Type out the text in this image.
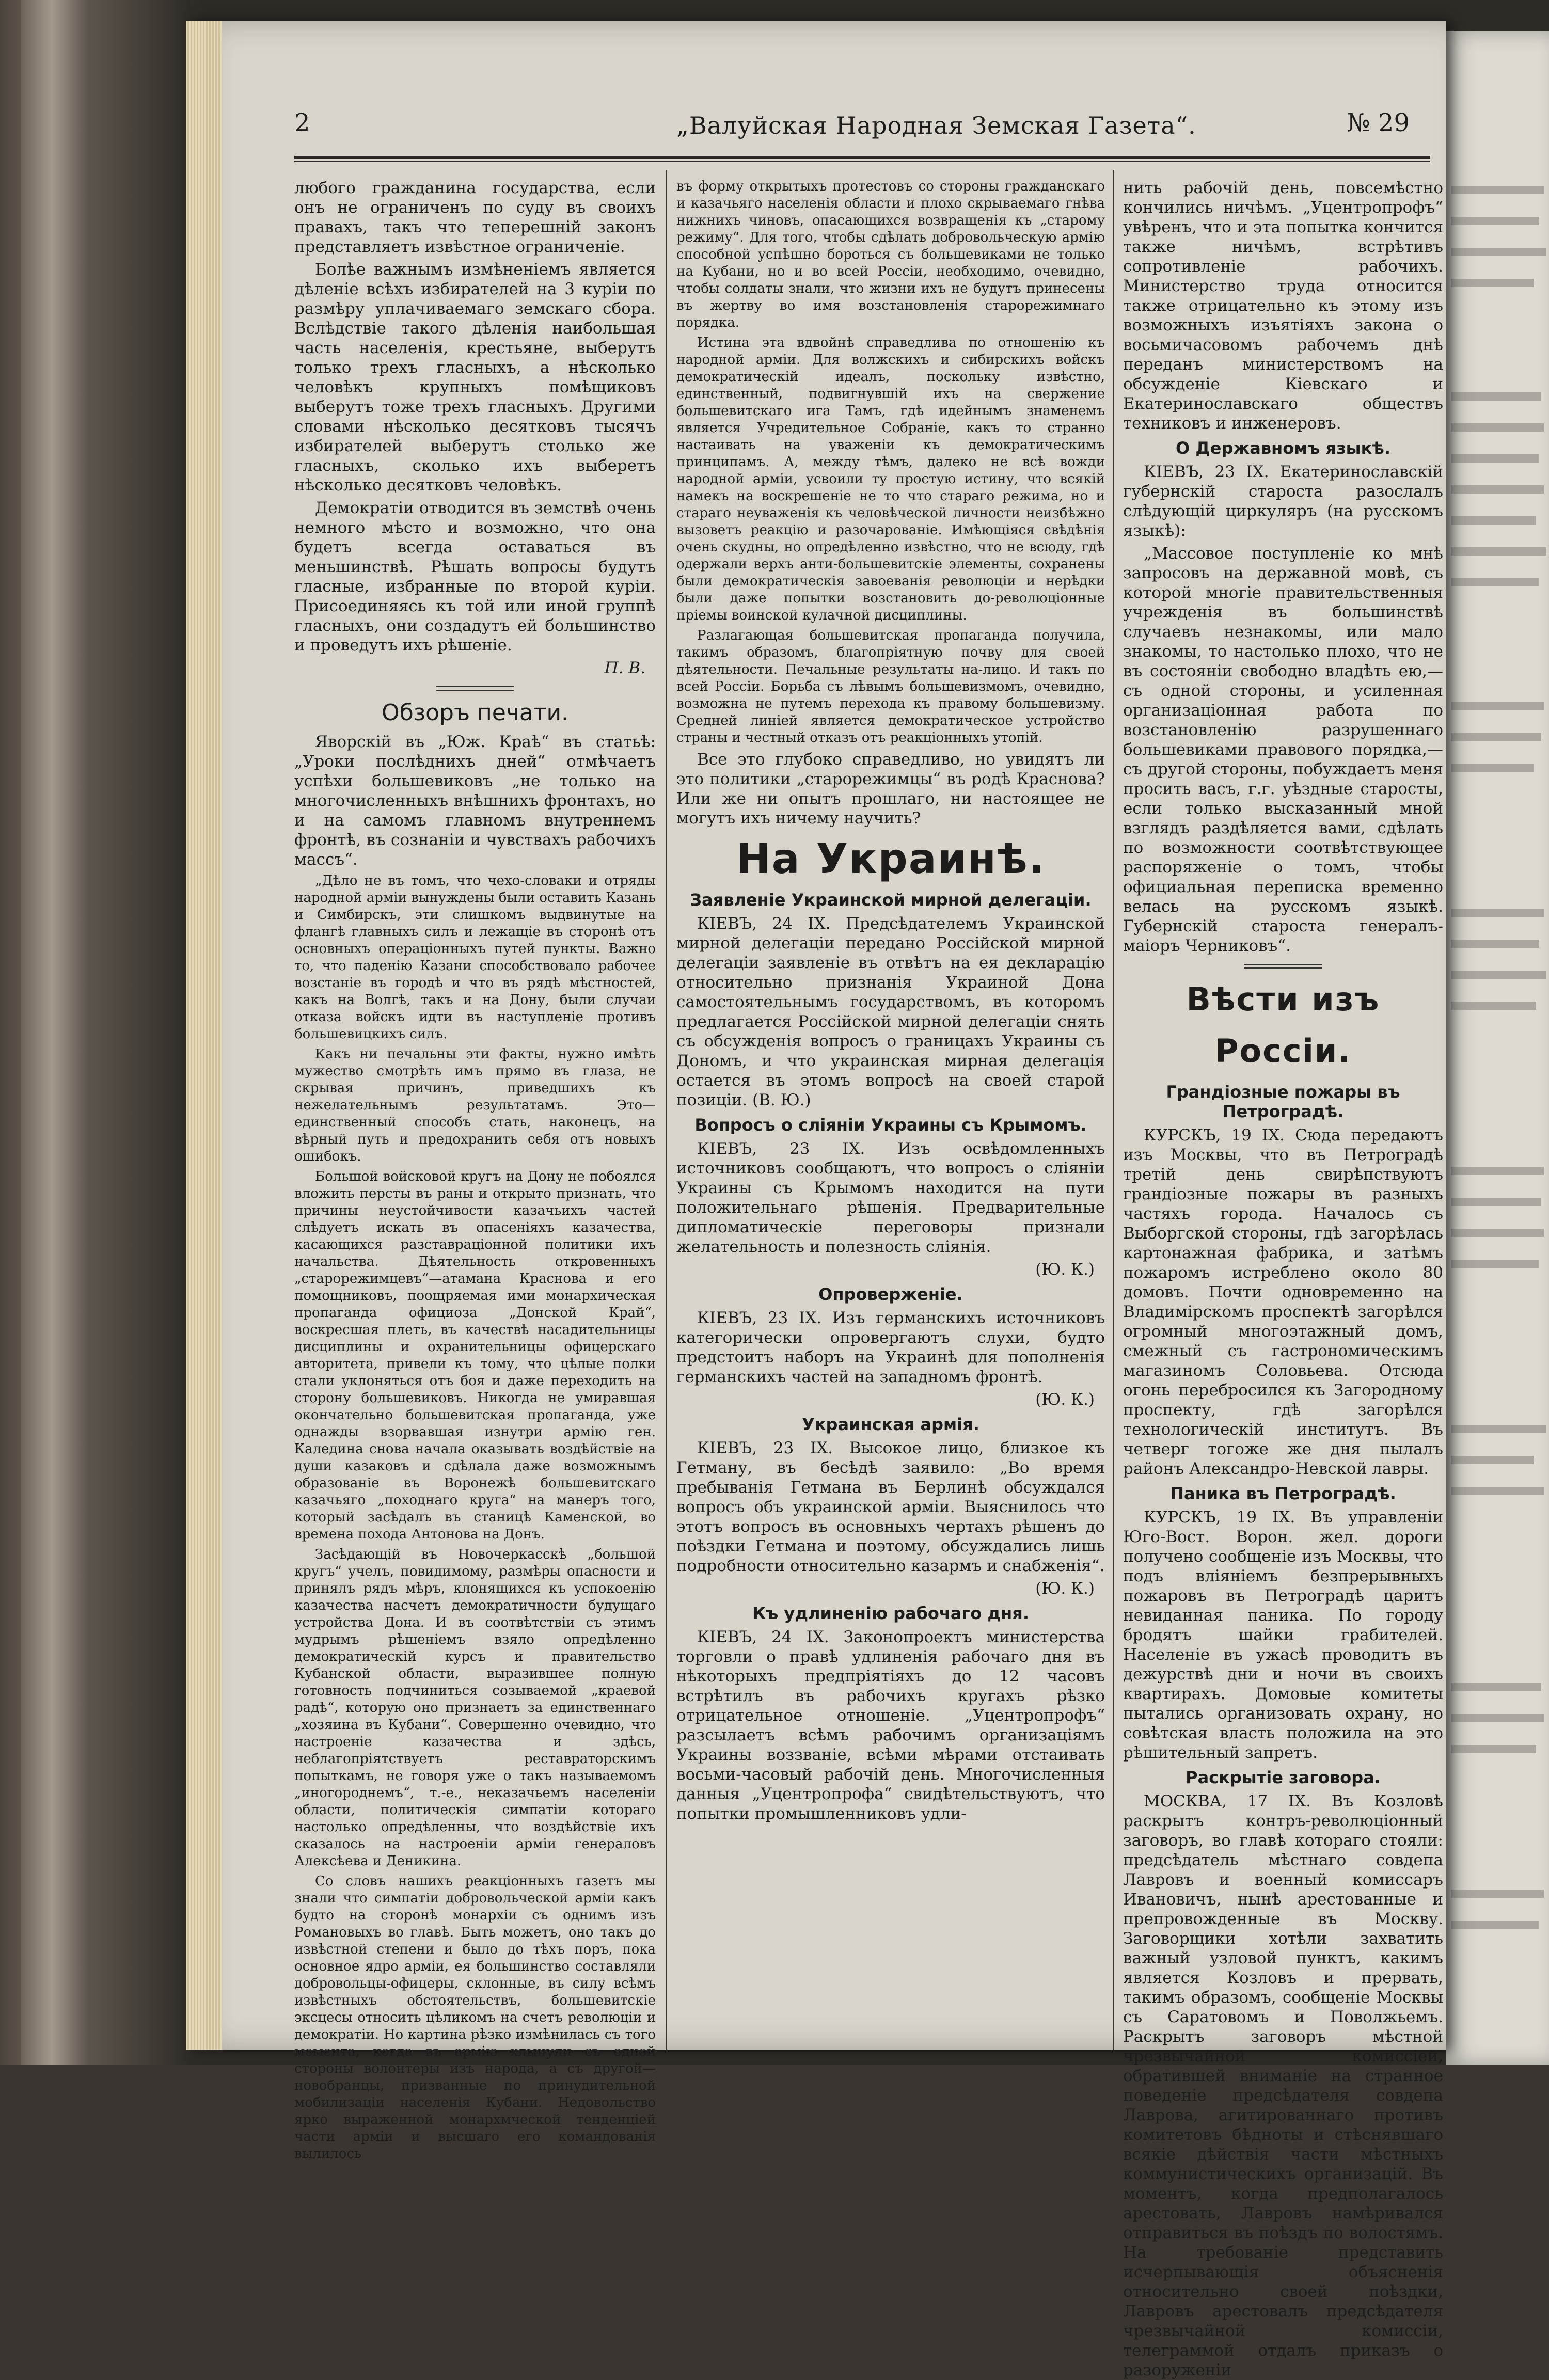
2	„Валуйская Народная Земская Газета“.	№ 29

любого гражданина государства, если онъ не ограниченъ по суду въ своихъ правахъ, такъ что теперешній законъ представляетъ извѣстное ограниченіе.

Болѣе важнымъ измѣненіемъ является дѣленіе всѣхъ избирателей на 3 куріи по размѣру уплачиваемаго земскаго сбора. Вслѣдствіе такого дѣленія наибольшая часть населенія, крестьяне, выберутъ только трехъ гласныхъ, а нѣсколько человѣкъ крупныхъ помѣщиковъ выберутъ тоже трехъ гласныхъ. Другими словами нѣсколько десятковъ тысячъ избирателей выберутъ столько же гласныхъ, сколько ихъ выберетъ нѣсколько десятковъ человѣкъ.

Демократіи отводится въ земствѣ очень немного мѣсто и возможно, что она будетъ всегда оставаться въ меньшинствѣ. Рѣшать вопросы будутъ гласные, избранные по второй куріи. Присоединяясь къ той или иной группѣ гласныхъ, они создадутъ ей большинство и проведутъ ихъ рѣшеніе.

П. В.
Обзоръ печати.

Яворскій въ „Юж. Краѣ“ въ статьѣ: „Уроки послѣднихъ дней“ отмѣчаетъ успѣхи большевиковъ „не только на многочисленныхъ внѣшнихъ фронтахъ, но и на самомъ главномъ внутреннемъ фронтѣ, въ сознаніи и чувствахъ рабочихъ массъ“.

„Дѣло не въ томъ, что чехо-словаки и отряды народной арміи вынуждены были оставить Казань и Симбирскъ, эти слишкомъ выдвинутые на флангѣ главныхъ силъ и лежащіе въ сторонѣ отъ основныхъ операціонныхъ путей пункты. Важно то, что паденію Казани способствовало рабочее возстаніе въ городѣ и что въ рядѣ мѣстностей, какъ на Волгѣ, такъ и на Дону, были случаи отказа войскъ идти въ наступленіе противъ большевицкихъ силъ.

Какъ ни печальны эти факты, нужно имѣть мужество смотрѣть имъ прямо въ глаза, не скрывая причинъ, приведшихъ къ нежелательнымъ результатамъ. Это—единственный способъ стать, наконецъ, на вѣрный путь и предохранить себя отъ новыхъ ошибокъ.

Большой войсковой кругъ на Дону не побоялся вложить персты въ раны и открыто признать, что причины неустойчивости казачьихъ частей слѣдуетъ искать въ опасеніяхъ казачества, касающихся разставраціонной политики ихъ начальства. Дѣятельность откровенныхъ „старорежимцевъ“—атамана Краснова и его помощниковъ, поощряемая ими монархическая пропаганда официоза „Донской Край“, воскресшая плеть, въ качествѣ насадительницы дисциплины и охранительницы офицерскаго авторитета, привели къ тому, что цѣлые полки стали уклоняться отъ боя и даже переходить на сторону большевиковъ. Никогда не умиравшая окончательно большевитская пропаганда, уже однажды взорвавшая изнутри армію ген. Каледина снова начала оказывать воздѣйствіе на души казаковъ и сдѣлала даже возможнымъ образованіе въ Воронежѣ большевитскаго казачьяго „походнаго круга“ на манеръ того, который засѣдалъ въ станицѣ Каменской, во времена похода Антонова на Донъ.

Засѣдающій въ Новочеркасскѣ „большой кругъ“ учелъ, повидимому, размѣры опасности и принялъ рядъ мѣръ, клонящихся къ успокоенію казачества насчетъ демократичности будущаго устройства Дона. И въ соотвѣтствіи съ этимъ мудрымъ рѣшеніемъ взяло опредѣленно демократическій курсъ и правительство Кубанской области, выразившее полную готовность подчиниться созываемой „краевой радѣ“, которую оно признаетъ за единственнаго „хозяина въ Кубани“. Совершенно очевидно, что настроеніе казачества и здѣсь, неблагопріятствуетъ реставраторскимъ попыткамъ, не говоря уже о такъ называемомъ „иногороднемъ“, т.-е., неказачьемъ населеніи области, политическія симпатіи котораго настолько опредѣленны, что воздѣйствіе ихъ сказалось на настроеніи арміи генераловъ Алексѣева и Деникина.

Со словъ нашихъ реакціонныхъ газетъ мы знали что симпатіи добровольческой арміи какъ будто на сторонѣ монархіи съ однимъ изъ Романовыхъ во главѣ. Быть можетъ, оно такъ до извѣстной степени и было до тѣхъ поръ, пока основное ядро арміи, ея большинство составляли добровольцы-офицеры, склонные, въ силу всѣмъ извѣстныхъ обстоятельствъ, большевитскіе эксцесы относить цѣликомъ на счетъ революціи и демократіи. Но картина рѣзко измѣнилась съ того момента, когда въ армію хлынули съ одной стороны волонтеры изъ народа, а съ другой—новобранцы, призванные по принудительной мобилизаціи населенія Кубани. Недовольство ярко выраженной монархмческой тенденціей части арміи и высшаго его командованія вылилось

въ форму открытыхъ протестовъ со стороны гражданскаго и казачьяго населенія области и плохо скрываемаго гнѣва нижнихъ чиновъ, опасающихся возвращенія къ „старому режиму“. Для того, чтобы сдѣлать добровольческую армію способной успѣшно бороться съ большевиками не только на Кубани, но и во всей Россіи, необходимо, очевидно, чтобы солдаты знали, что жизни ихъ не будутъ принесены въ жертву во имя возстановленія старорежимнаго порядка.

Истина эта вдвойнѣ справедлива по отношенію къ народной арміи. Для волжскихъ и сибирскихъ войскъ демократическій идеалъ, поскольку извѣстно, единственный, подвигнувшій ихъ на свержение большевитскаго ига Тамъ, гдѣ идейнымъ знаменемъ является Учредительное Собраніе, какъ то странно настаивать на уваженіи къ демократическимъ принципамъ. А, между тѣмъ, далеко не всѣ вожди народной арміи, усвоили ту простую истину, что всякій намекъ на воскрешеніе не то что стараго режима, но и стараго неуваженія къ человѣческой личности неизбѣжно вызоветъ реакцію и разочарованіе. Имѣющіяся свѣдѣнія очень скудны, но опредѣленно извѣстно, что не всюду, гдѣ одержали верхъ анти-большевитскіе элементы, сохранены были демократическія завоеванія революціи и нерѣдки были даже попытки возстановить до-революціонные пріемы воинской кулачной дисциплины.

Разлагающая большевитская пропаганда получила, такимъ образомъ, благопріятную почву для своей дѣятельности. Печальные результаты на-лицо. И такъ по всей Россіи. Борьба съ лѣвымъ большевизмомъ, очевидно, возможна не путемъ перехода къ правому большевизму. Средней линіей является демократическое устройство страны и честный отказъ отъ реакціонныхъ утопій.

Все это глубоко справедливо, но увидятъ ли это политики „старорежимцы“ въ родѣ Краснова? Или же ни опытъ прошлаго, ни настоящее не могутъ ихъ ничему научить?

На Украинѣ.
Заявленіе Украинской мирной делегаціи.

КІЕВЪ, 24 IX. Предсѣдателемъ Украинской мирной делегаціи передано Россійской мирной делегаціи заявленіе въ отвѣтъ на ея декларацію относительно признанія Украиной Дона самостоятельнымъ государствомъ, въ которомъ предлагается Россійской мирной делегаціи снять съ обсужденія вопросъ о границахъ Украины съ Дономъ, и что украинская мирная делегація остается въ этомъ вопросѣ на своей старой позиціи. (В. Ю.)

Вопросъ о сліяніи Украины съ Крымомъ.

КІЕВЪ, 23 IX. Изъ освѣдомленныхъ источниковъ сообщаютъ, что вопросъ о сліяніи Украины съ Крымомъ находится на пути положительнаго рѣшенія. Предварительные дипломатическіе переговоры признали желательность и полезность сліянія.

(Ю. К.)
Опроверженіе.

КІЕВЪ, 23 IX. Изъ германскихъ источниковъ категорически опровергаютъ слухи, будто предстоитъ наборъ на Украинѣ для пополненія германскихъ частей на западномъ фронтѣ.

(Ю. К.)
Украинская армія.

КІЕВЪ, 23 IX. Высокое лицо, близкое къ Гетману, въ бесѣдѣ заявило: „Во время пребыванія Гетмана въ Берлинѣ обсуждался вопросъ объ украинской арміи. Выяснилось что этотъ вопросъ въ основныхъ чертахъ рѣшенъ до поѣздки Гетмана и поэтому, обсуждались лишь подробности относительно казармъ и снабженія“.

(Ю. К.)
Къ удлиненію рабочаго дня.

КІЕВЪ, 24 IX. Законопроектъ министерства торговли о правѣ удлиненія рабочаго дня въ нѣкоторыхъ предпріятіяхъ до 12 часовъ встрѣтилъ въ рабочихъ кругахъ рѣзко отрицательное отношеніе. „Уцентропрофъ“ разсылаетъ всѣмъ рабочимъ организаціямъ Украины воззваніе, всѣми мѣрами отстаивать восьми-часовый рабочій день. Многочисленныя данныя „Уцентропрофа“ свидѣтельствуютъ, что попытки промышленниковъ удли-

нить рабочій день, повсемѣстно кончились ничѣмъ. „Уцентропрофъ“ увѣренъ, что и эта попытка кончится также ничѣмъ, встрѣтивъ сопротивленіе рабочихъ. Министерство труда относится также отрицательно къ этому изъ возможныхъ изъятіяхъ закона о восьмичасовомъ рабочемъ днѣ переданъ министерствомъ на обсужденіе Кіевскаго и Екатеринославскаго обществъ техниковъ и инженеровъ.

О Державномъ языкѣ.

КІЕВЪ, 23 IX. Екатеринославскій губернскій староста разослалъ слѣдующій циркуляръ (на русскомъ языкѣ):

„Массовое поступленіе ко мнѣ запросовъ на державной мовѣ, съ которой многіе правительственныя учрежденія въ большинствѣ случаевъ незнакомы, или мало знакомы, то настолько плохо, что не въ состояніи свободно владѣть ею,—съ одной стороны, и усиленная организаціонная работа по возстановленію разрушеннаго большевиками правового порядка,—съ другой стороны, побуждаетъ меня просить васъ, г.г. уѣздные старосты, если только высказанный мной взглядъ раздѣляется вами, сдѣлать по возможности соотвѣтствующее распоряженіе о томъ, чтобы официальная переписка временно велась на русскомъ языкѣ. Губернскій староста генералъ-маіоръ Черниковъ“.

Вѣсти изъ Россіи.
Грандіозные пожары въ Петроградѣ.

КУРСКЪ, 19 IX. Сюда передаютъ изъ Москвы, что въ Петроградѣ третій день свирѣпствуютъ грандіозные пожары въ разныхъ частяхъ города. Началось съ Выборгской стороны, гдѣ загорѣлась картонажная фабрика, и затѣмъ пожаромъ истреблено около 80 домовъ. Почти одновременно на Владимірскомъ проспектѣ загорѣлся огромный многоэтажный домъ, смежный съ гастрономическимъ магазиномъ Соловьева. Отсюда огонь перебросился къ Загородному проспекту, гдѣ загорѣлся технологическій институтъ. Въ четверг тогоже же дня пылалъ районъ Александро-Невской лавры.

Паника въ Петроградѣ.

КУРСКЪ, 19 IX. Въ управленіи Юго-Вост. Ворон. жел. дороги получено сообщеніе изъ Москвы, что подъ вліяніемъ безпрерывныхъ пожаровъ въ Петроградѣ царитъ невиданная паника. По городу бродятъ шайки грабителей. Населеніе въ ужасѣ проводитъ въ дежурствѣ дни и ночи въ своихъ квартирахъ. Домовые комитеты пытались организовать охрану, но совѣтская власть положила на это рѣшительный запретъ.

Раскрытіе заговора.

МОСКВА, 17 IX. Въ Козловѣ раскрытъ контръ-революціонный заговоръ, во главѣ котораго стояли: предсѣдатель мѣстнаго совдепа Лавровъ и военный комиссаръ Ивановичъ, нынѣ арестованные и препровожденные въ Москву. Заговорщики хотѣли захватить важный узловой пунктъ, какимъ является Козловъ и прервать, такимъ образомъ, сообщеніе Москвы съ Саратовомъ и Поволжьемъ. Раскрытъ заговоръ мѣстной чрезвычайной комиссіей, обратившей вниманіе на странное поведеніе предсѣдателя совдепа Лаврова, агитированнаго противъ комитетовъ бѣдноты и стѣснявшаго всякіе дѣйствія части мѣстныхъ коммунистическихъ организацій. Въ моментъ, когда предполагалось арестовать, Лавровъ намѣривался отправиться въ поѣздъ по волостямъ. На требованіе представить исчерпывающія объясненія относительно своей поѣздки, Лавровъ арестовалъ предсѣдателя чрезвычайной комиссіи, телеграммой отдалъ приказъ о разоруженіи
